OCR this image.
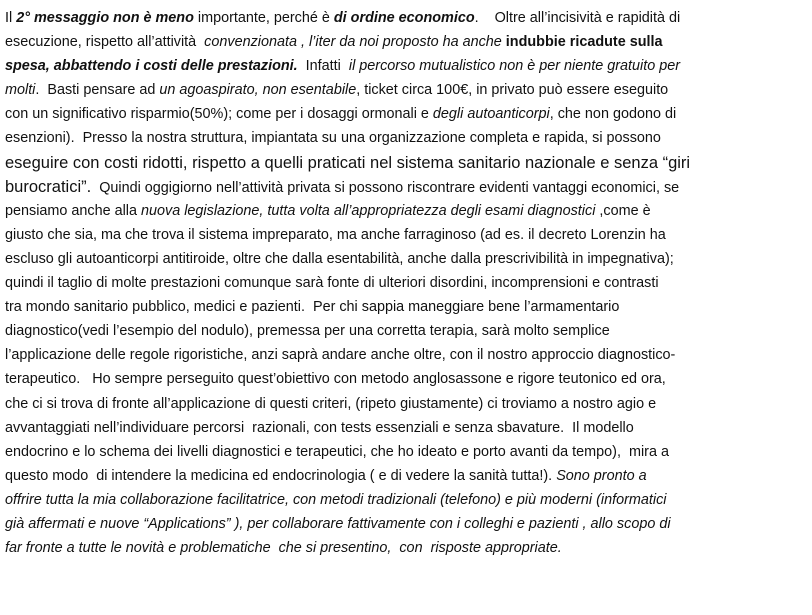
Il 2° messaggio non è meno importante, perché è di ordine economico.    Oltre all’incisività e rapidità di
esecuzione, rispetto all’attività  convenzionata , l’iter da noi proposto ha anche indubbie ricadute sulla
spesa, abbattendo i costi delle prestazioni.  Infatti  il percorso mutualistico non è per niente gratuito per
molti.  Basti pensare ad un agoaspirato, non esentabile, ticket circa 100€, in privato può essere eseguito
con un significativo risparmio(50%); come per i dosaggi ormonali e degli autoanticorpi, che non godono di
esenzioni).  Presso la nostra struttura, impiantata su una organizzazione completa e rapida, si possono
eseguire con costi ridotti, rispetto a quelli praticati nel sistema sanitario nazionale e senza “giri
burocratici”.  Quindi oggigiorno nell’attività privata si possono riscontrare evidenti vantaggi economici, se
pensiamo anche alla nuova legislazione, tutta volta all’appropriatezza degli esami diagnostici ,come è
giusto che sia, ma che trova il sistema impreparato, ma anche farraginoso (ad es. il decreto Lorenzin ha
escluso gli autoanticorpi antitiroide, oltre che dalla esentabilità, anche dalla prescrivibilità in impegnativa);
quindi il taglio di molte prestazioni comunque sarà fonte di ulteriori disordini, incomprensioni e contrasti
tra mondo sanitario pubblico, medici e pazienti.  Per chi sappia maneggiare bene l’armamentario
diagnostico(vedi l’esempio del nodulo), premessa per una corretta terapia, sarà molto semplice
l’applicazione delle regole rigoristiche, anzi saprà andare anche oltre, con il nostro approccio diagnostico-
terapeutico.   Ho sempre perseguito quest’obiettivo con metodo anglosassone e rigore teutonico ed ora,
che ci si trova di fronte all’applicazione di questi criteri, (ripeto giustamente) ci troviamo a nostro agio e
avvantaggiati nell’individuare percorsi  razionali, con tests essenziali e senza sbavature.  Il modello
endocrino e lo schema dei livelli diagnostici e terapeutici, che ho ideato e porto avanti da tempo),  mira a
questo modo  di intendere la medicina ed endocrinologia ( e di vedere la sanità tutta!). Sono pronto a
offrire tutta la mia collaborazione facilitatrice, con metodi tradizionali (telefono) e più moderni (informatici
già affermati e nuove “Applications” ), per collaborare fattivamente con i colleghi e pazienti , allo scopo di
far fronte a tutte le novità e problematiche  che si presentino,  con  risposte appropriate.
